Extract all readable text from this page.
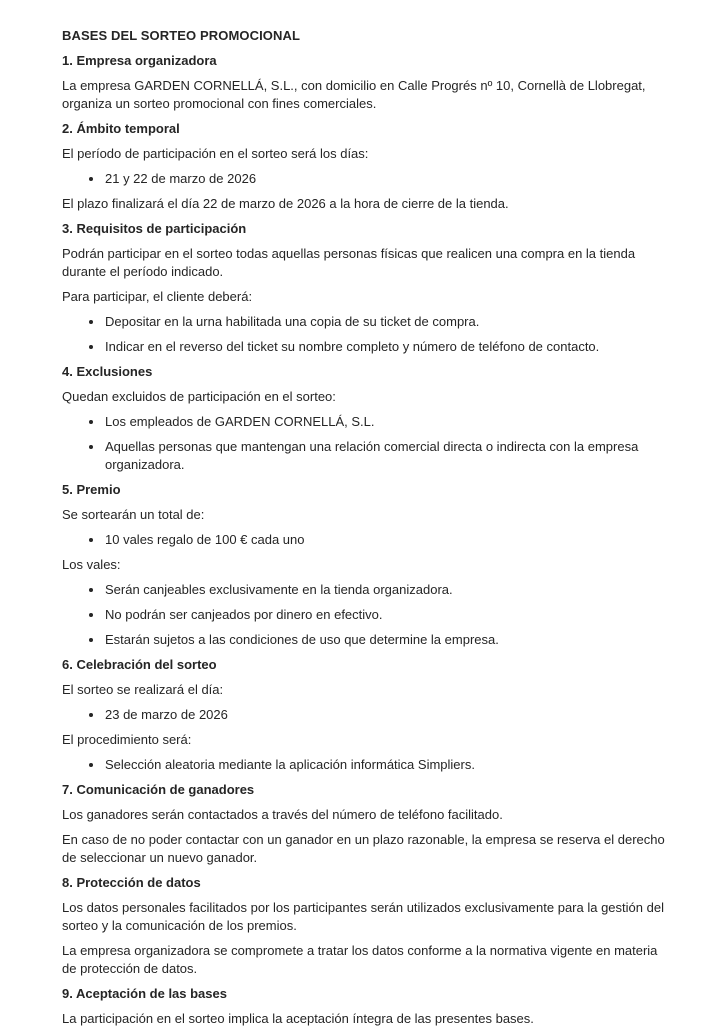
BASES DEL SORTEO PROMOCIONAL

1. Empresa organizadora

La empresa GARDEN CORNELLÁ, S.L., con domicilio en Calle Progrés nº 10, Cornellà de Llobregat, organiza un sorteo promocional con fines comerciales.

2. Ámbito temporal

El período de participación en el sorteo será los días:

21 y 22 de marzo de 2026

El plazo finalizará el día 22 de marzo de 2026 a la hora de cierre de la tienda.

3. Requisitos de participación

Podrán participar en el sorteo todas aquellas personas físicas que realicen una compra en la tienda durante el período indicado.

Para participar, el cliente deberá:

Depositar en la urna habilitada una copia de su ticket de compra.
Indicar en el reverso del ticket su nombre completo y número de teléfono de contacto.

4. Exclusiones

Quedan excluidos de participación en el sorteo:

Los empleados de GARDEN CORNELLÁ, S.L.
Aquellas personas que mantengan una relación comercial directa o indirecta con la empresa organizadora.

5. Premio

Se sortearán un total de:

10 vales regalo de 100 € cada uno

Los vales:

Serán canjeables exclusivamente en la tienda organizadora.
No podrán ser canjeados por dinero en efectivo.
Estarán sujetos a las condiciones de uso que determine la empresa.

6. Celebración del sorteo

El sorteo se realizará el día:

23 de marzo de 2026

El procedimiento será:

Selección aleatoria mediante la aplicación informática Simpliers.

7. Comunicación de ganadores

Los ganadores serán contactados a través del número de teléfono facilitado.

En caso de no poder contactar con un ganador en un plazo razonable, la empresa se reserva el derecho de seleccionar un nuevo ganador.

8. Protección de datos

Los datos personales facilitados por los participantes serán utilizados exclusivamente para la gestión del sorteo y la comunicación de los premios.

La empresa organizadora se compromete a tratar los datos conforme a la normativa vigente en materia de protección de datos.

9. Aceptación de las bases

La participación en el sorteo implica la aceptación íntegra de las presentes bases.
